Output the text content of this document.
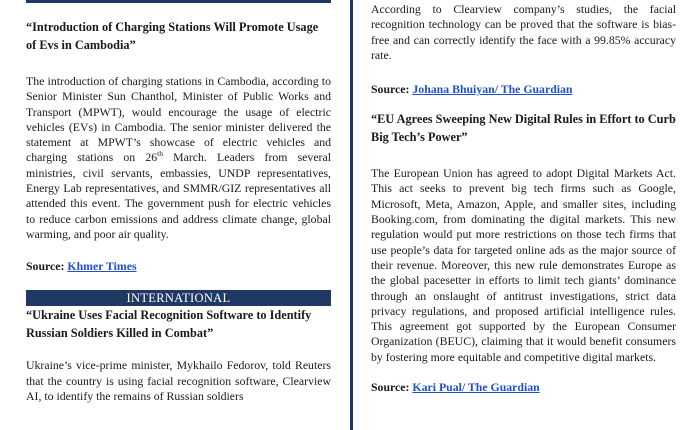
“Introduction of Charging Stations Will Promote Usage of Evs in Cambodia”

The introduction of charging stations in Cambodia, according to Senior Minister Sun Chanthol, Minister of Public Works and Transport (MPWT), would encourage the usage of electric vehicles (EVs) in Cambodia. The senior minister delivered the statement at MPWT’s showcase of electric vehicles and charging stations on 26th March. Leaders from several ministries, civil servants, embassies, UNDP representatives, Energy Lab representatives, and SMMR/GIZ representatives all attended this event. The government push for electric vehicles to reduce carbon emissions and address climate change, global warming, and poor air quality.

Source: Khmer Times

INTERNATIONAL

“Ukraine Uses Facial Recognition Software to Identify Russian Soldiers Killed in Combat”

Ukraine’s vice-prime minister, Mykhailo Fedorov, told Reuters that the country is using facial recognition software, Clearview AI, to identify the remains of Russian soldiers

According to Clearview company’s studies, the facial recognition technology can be proved that the software is bias-free and can correctly identify the face with a 99.85% accuracy rate.

Source: Johana Bhuiyan/ The Guardian

“EU Agrees Sweeping New Digital Rules in Effort to Curb Big Tech’s Power”

The European Union has agreed to adopt Digital Markets Act. This act seeks to prevent big tech firms such as Google, Microsoft, Meta, Amazon, Apple, and smaller sites, including Booking.com, from dominating the digital markets. This new regulation would put more restrictions on those tech firms that use people’s data for targeted online ads as the major source of their revenue. Moreover, this new rule demonstrates Europe as the global pacesetter in efforts to limit tech giants’ dominance through an onslaught of antitrust investigations, strict data privacy regulations, and proposed artificial intelligence rules. This agreement got supported by the European Consumer Organization (BEUC), claiming that it would benefit consumers by fostering more equitable and competitive digital markets.

Source: Kari Pual/ The Guardian
